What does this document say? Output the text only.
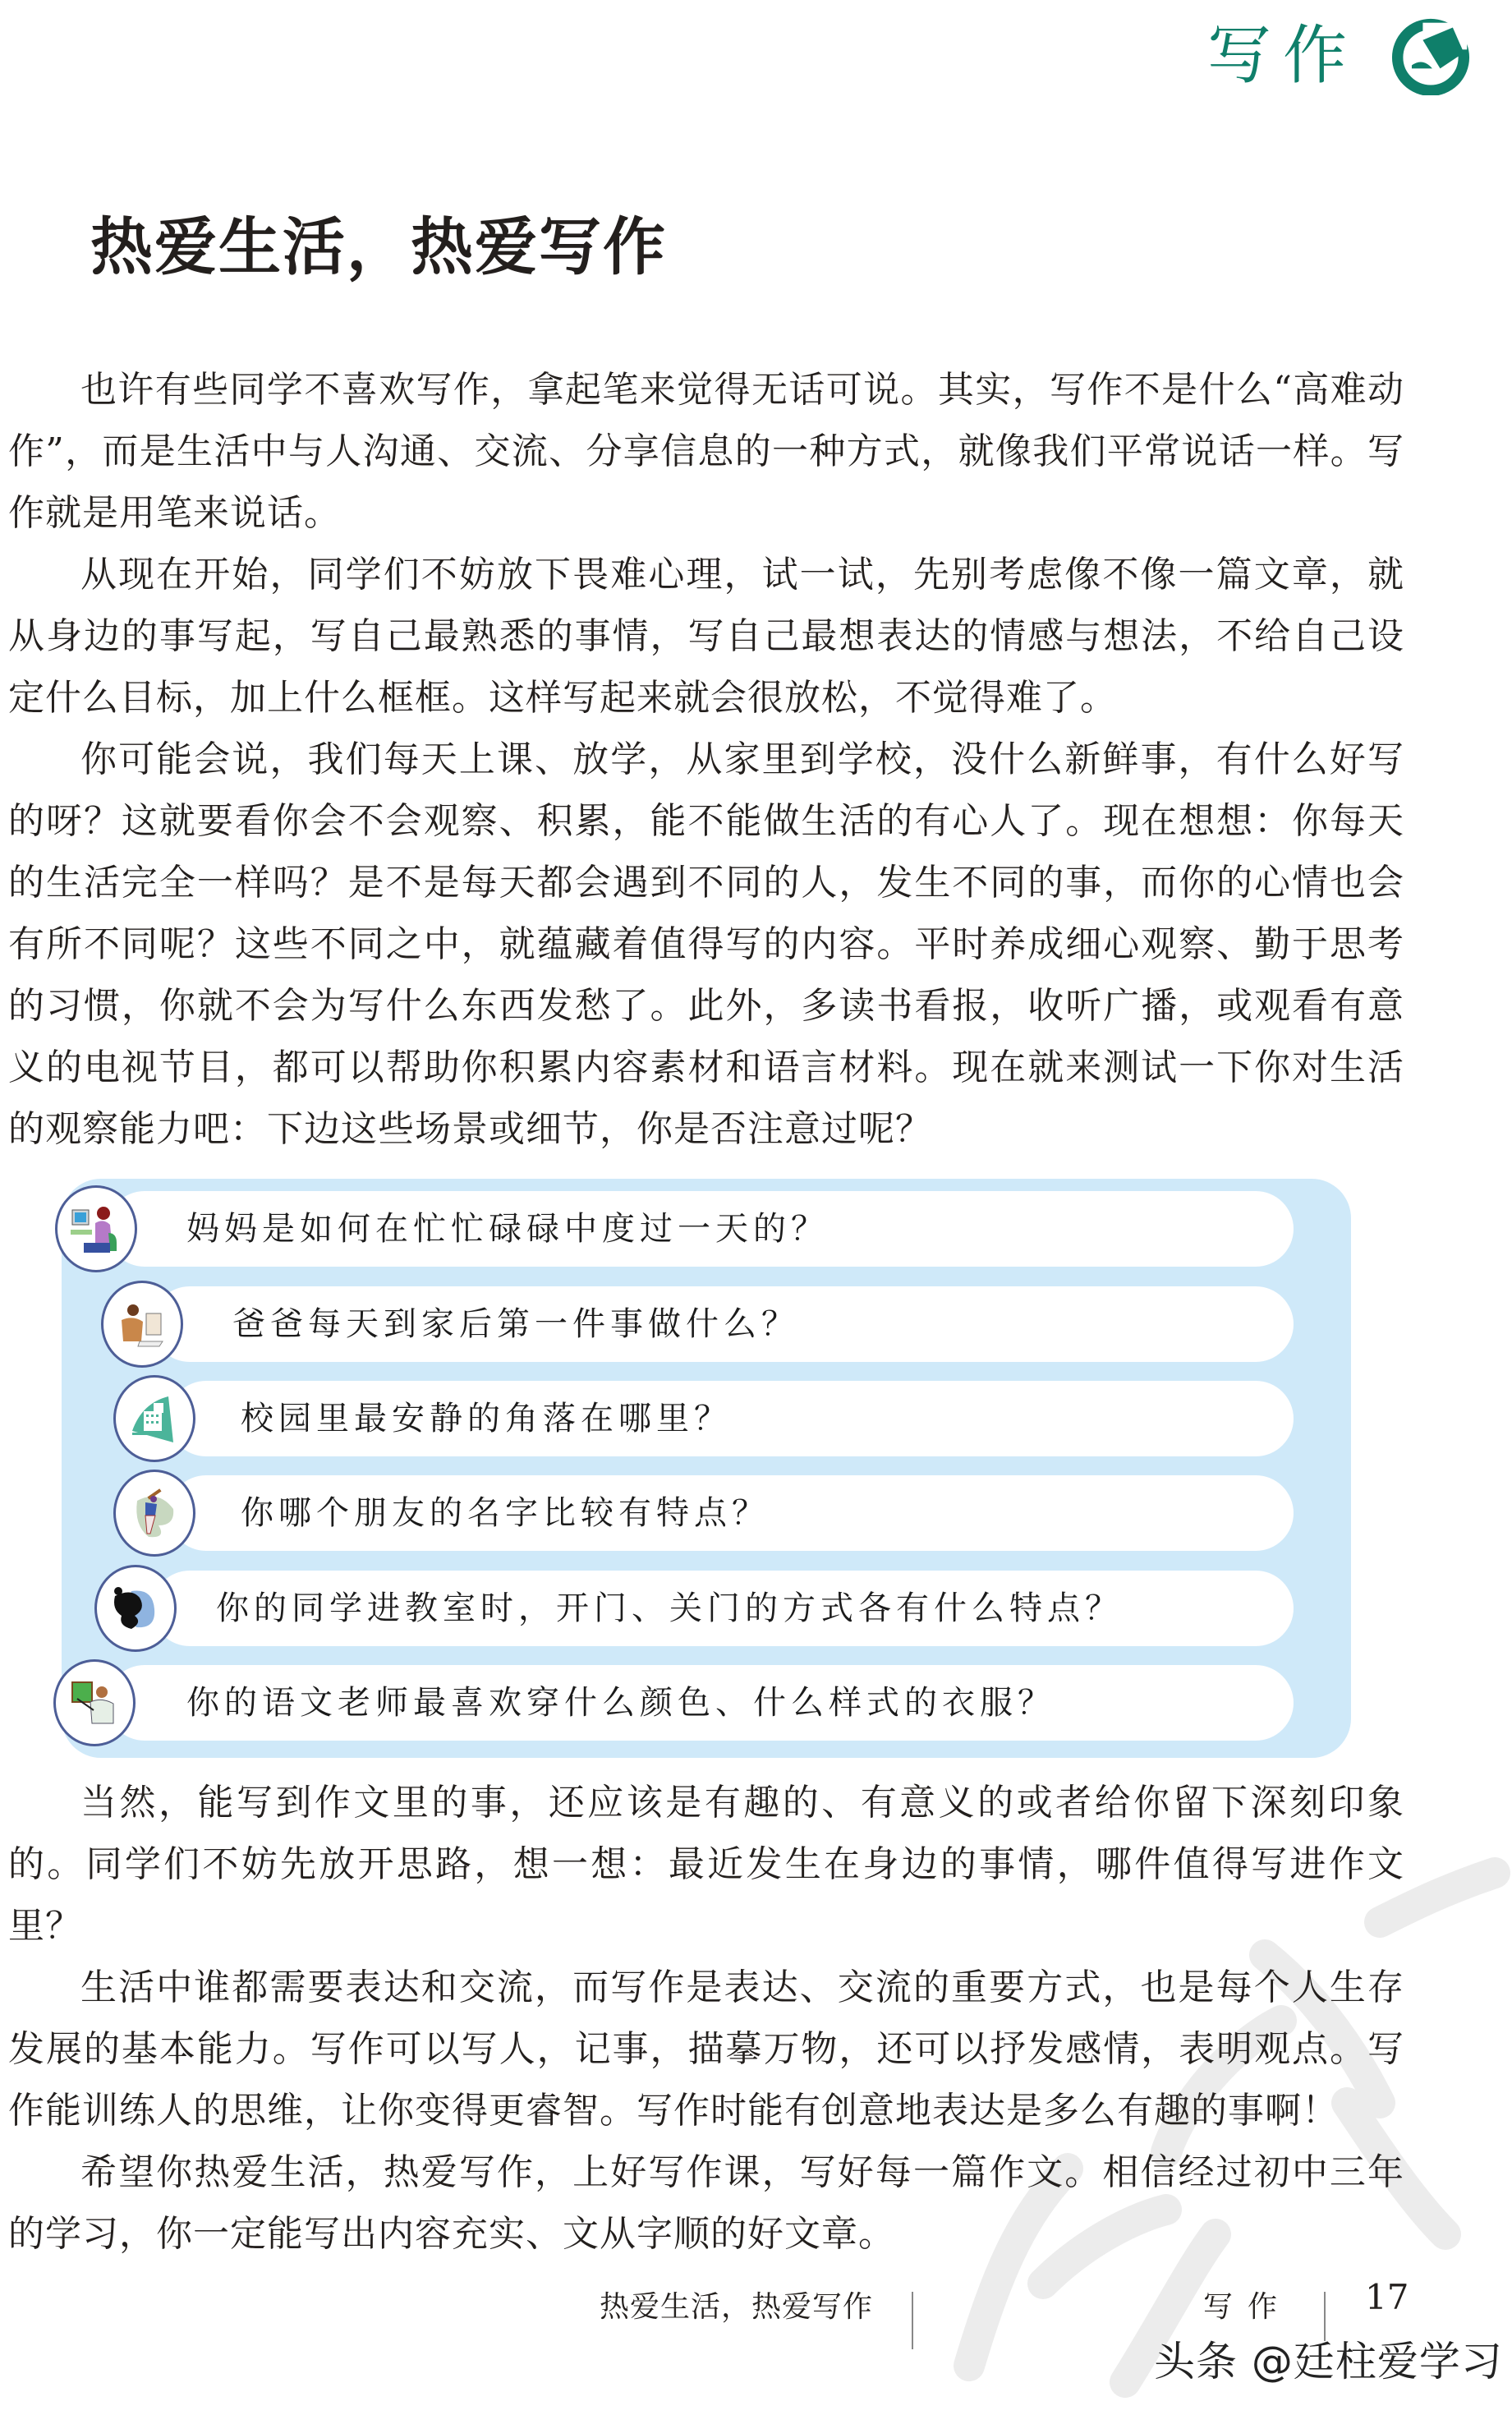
写作
热爱生活，热爱写作

也许有些同学不喜欢写作，拿起笔来觉得无话可说。其实，写作不是什么“高难动作”，而是生活中与人沟通、交流、分享信息的一种方式，就像我们平常说话一样。写作就是用笔来说话。

从现在开始，同学们不妨放下畏难心理，试一试，先别考虑像不像一篇文章，就从身边的事写起，写自己最熟悉的事情，写自己最想表达的情感与想法，不给自己设定什么目标，加上什么框框。这样写起来就会很放松，不觉得难了。

你可能会说，我们每天上课、放学，从家里到学校，没什么新鲜事，有什么好写的呀？这就要看你会不会观察、积累，能不能做生活的有心人了。现在想想：你每天的生活完全一样吗？是不是每天都会遇到不同的人，发生不同的事，而你的心情也会有所不同呢？这些不同之中，就蕴藏着值得写的内容。平时养成细心观察、勤于思考的习惯，你就不会为写什么东西发愁了。此外，多读书看报，收听广播，或观看有意义的电视节目，都可以帮助你积累内容素材和语言材料。现在就来测试一下你对生活的观察能力吧：下边这些场景或细节，你是否注意过呢？

妈妈是如何在忙忙碌碌中度过一天的？
爸爸每天到家后第一件事做什么？
校园里最安静的角落在哪里？
你哪个朋友的名字比较有特点？
你的同学进教室时，开门、关门的方式各有什么特点？
你的语文老师最喜欢穿什么颜色、什么样式的衣服？

当然，能写到作文里的事，还应该是有趣的、有意义的或者给你留下深刻印象的。同学们不妨先放开思路，想一想：最近发生在身边的事情，哪件值得写进作文里？

生活中谁都需要表达和交流，而写作是表达、交流的重要方式，也是每个人生存发展的基本能力。写作可以写人，记事，描摹万物，还可以抒发感情，表明观点。写作能训练人的思维，让你变得更睿智。写作时能有创意地表达是多么有趣的事啊！

希望你热爱生活，热爱写作，上好写作课，写好每一篇作文。相信经过初中三年的学习，你一定能写出内容充实、文从字顺的好文章。

热爱生活，热爱写作	写作 17
头条 @廷柱爱学习
